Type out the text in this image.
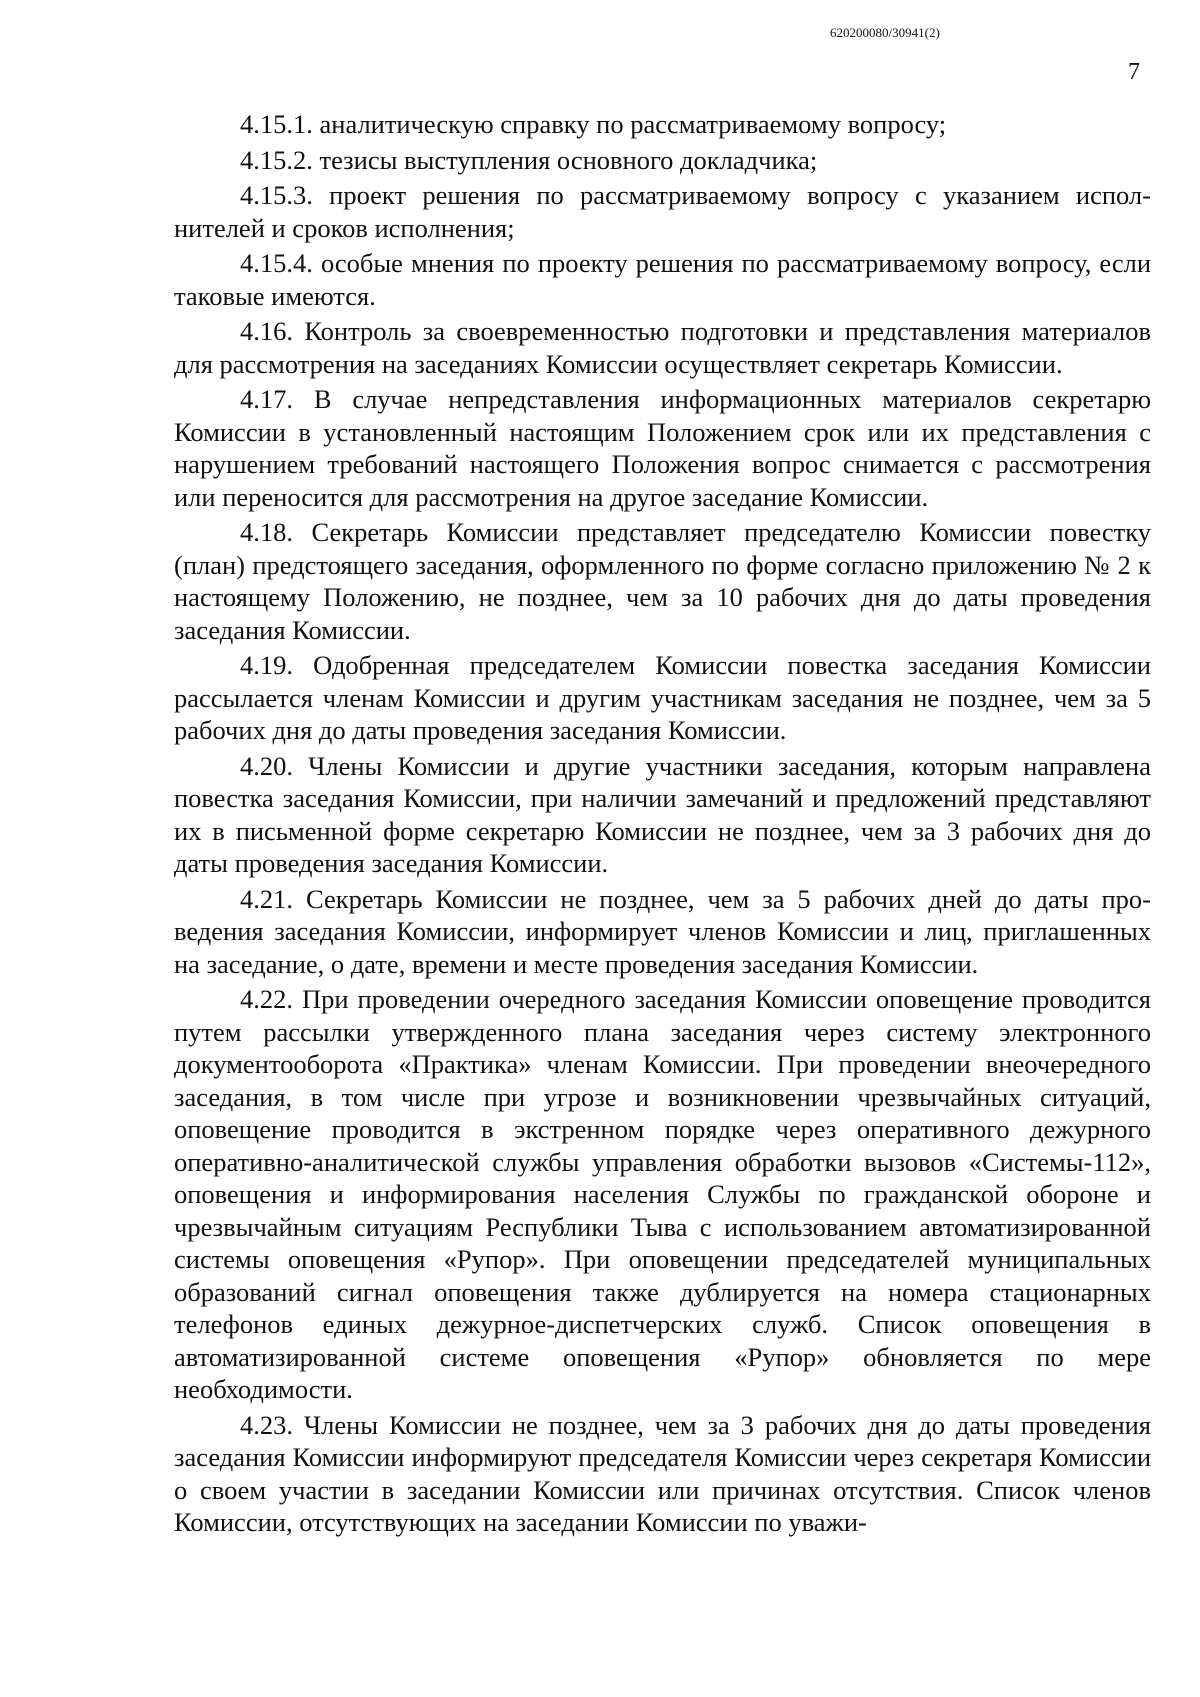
620200080/30941(2)
7

4.15.1. аналитическую справку по рассматриваемому вопросу;

4.15.2. тезисы выступления основного докладчика;

4.15.3. проект решения по рассматриваемому вопросу с указанием исполнителей и сроков исполнения;

4.15.4. особые мнения по проекту решения по рассматриваемому вопросу, если таковые имеются.

4.16. Контроль за своевременностью подготовки и представления материалов для рассмотрения на заседаниях Комиссии осуществляет секретарь Комиссии.

4.17. В случае непредставления информационных материалов секретарю Комиссии в установленный настоящим Положением срок или их представления с нарушением требований настоящего Положения вопрос снимается с рассмотрения или переносится для рассмотрения на другое заседание Комиссии.

4.18. Секретарь Комиссии представляет председателю Комиссии повестку (план) предстоящего заседания, оформленного по форме согласно приложению № 2 к настоящему Положению, не позднее, чем за 10 рабочих дня до даты проведения заседания Комиссии.

4.19. Одобренная председателем Комиссии повестка заседания Комиссии рассылается членам Комиссии и другим участникам заседания не позднее, чем за 5 рабочих дня до даты проведения заседания Комиссии.

4.20. Члены Комиссии и другие участники заседания, которым направлена повестка заседания Комиссии, при наличии замечаний и предложений представляют их в письменной форме секретарю Комиссии не позднее, чем за 3 рабочих дня до даты проведения заседания Комиссии.

4.21. Секретарь Комиссии не позднее, чем за 5 рабочих дней до даты проведения заседания Комиссии, информирует членов Комиссии и лиц, приглашенных на заседание, о дате, времени и месте проведения заседания Комиссии.

4.22. При проведении очередного заседания Комиссии оповещение проводится путем рассылки утвержденного плана заседания через систему электронного документооборота «Практика» членам Комиссии. При проведении внеочередного заседания, в том числе при угрозе и возникновении чрезвычайных ситуаций, оповещение проводится в экстренном порядке через оперативного дежурного оперативно-аналитической службы управления обработки вызовов «Системы-112», оповещения и информирования населения Службы по гражданской обороне и чрезвычайным ситуациям Республики Тыва с использованием автоматизированной системы оповещения «Рупор». При оповещении председателей муниципальных образований сигнал оповещения также дублируется на номера стационарных телефонов единых дежурное-диспетчерских служб. Список оповещения в автоматизированной системе оповещения «Рупор» обновляется по мере необходимости.

4.23. Члены Комиссии не позднее, чем за 3 рабочих дня до даты проведения заседания Комиссии информируют председателя Комиссии через секретаря Комиссии о своем участии в заседании Комиссии или причинах отсутствия. Список членов Комиссии, отсутствующих на заседании Комиссии по уважи-
